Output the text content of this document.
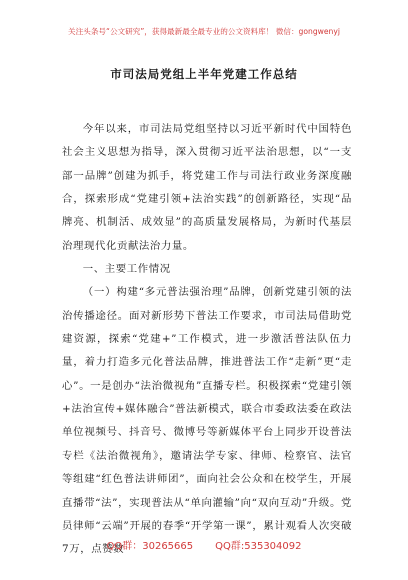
关注头条号“公文研究”，获得最新最全最专业的公文资料库！ 微信：gongwenyj
市司法局党组上半年党建工作总结

今年以来，市司法局党组坚持以习近平新时代中国特色社会主义思想为指导，深入贯彻习近平法治思想，以“一支部一品牌”创建为抓手，将党建工作与司法行政业务深度融合，探索形成“党建引领+法治实践”的创新路径，实现“品牌亮、机制活、成效显”的高质量发展格局，为新时代基层治理现代化贡献法治力量。

一、主要工作情况

（一）构建“多元普法强治理”品牌，创新党建引领的法治传播途径。面对新形势下普法工作要求，市司法局借助党建资源，探索“党建+”工作模式，进一步激活普法队伍力量，着力打造多元化普法品牌，推进普法工作“走新”更“走心”。一是创办“法治微视角”直播专栏。积极探索“党建引领+法治宣传+媒体融合”普法新模式，联合市委政法委在政法单位视频号、抖音号、微博号等新媒体平台上同步开设普法专栏《法治微视角》，邀请法学专家、律师、检察官、法官等组建“红色普法讲师团”，面向社会公众和在校学生，开展直播带“法”，实现普法从“单向灌输”向“双向互动”升级。党员律师“云端”开展的春季“开学第一课”，累计观看人次突破7万，点赞数

QQ群：30265665 QQ群:535304092
